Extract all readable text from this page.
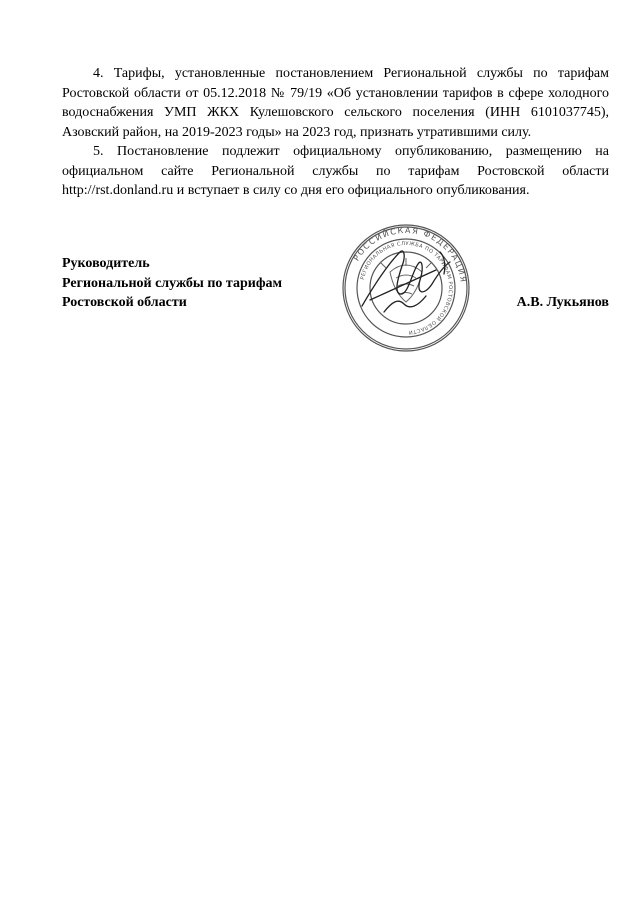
4. Тарифы, установленные постановлением Региональной службы по тарифам Ростовской области от 05.12.2018 № 79/19 «Об установлении тарифов в сфере холодного водоснабжения УМП ЖКХ Кулешовского сельского поселения (ИНН 6101037745), Азовский район, на 2019-2023 годы» на 2023 год, признать утратившими силу.

5. Постановление подлежит официальному опубликованию, размещению на официальном сайте Региональной службы по тарифам Ростовской области http://rst.donland.ru и вступает в силу со дня его официального опубликования.

Руководитель
Региональной службы по тарифам
Ростовской области	А.В. Лукьянов
РОССИЙСКАЯ ФЕДЕРАЦИЯ
РЕГИОНАЛЬНАЯ СЛУЖБА ПО ТАРИФАМ РОСТОВСКОЙ ОБЛАСТИ
